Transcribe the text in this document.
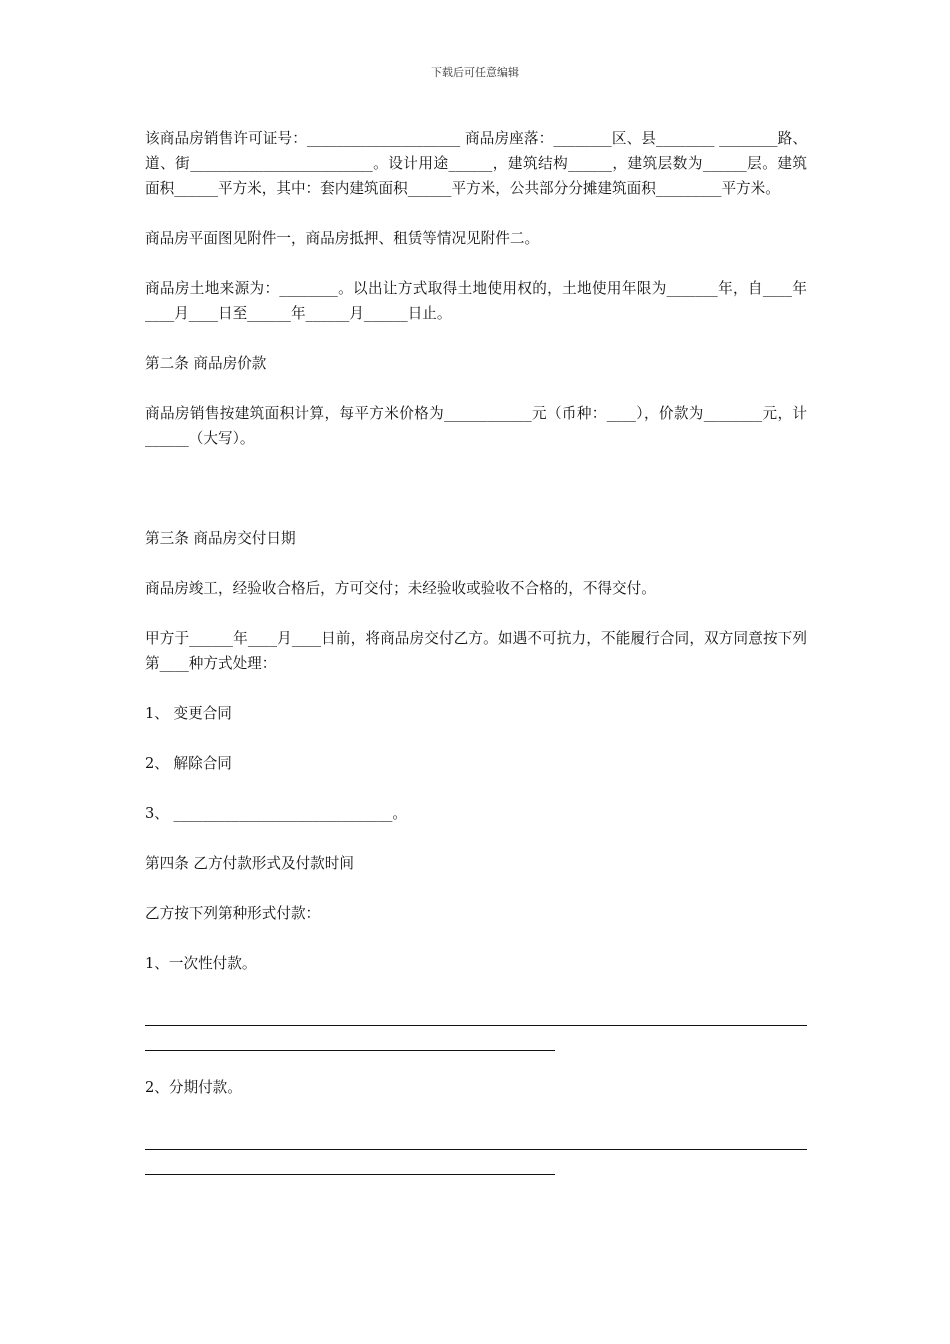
下载后可任意编辑

该商品房销售许可证号：_____________________ 商品房座落：________区、县________ ________路、道、街_________________________。设计用途______，建筑结构______，建筑层数为______层。建筑面积______平方米，其中：套内建筑面积______平方米，公共部分分摊建筑面积_________平方米。

商品房平面图见附件一，商品房抵押、租赁等情况见附件二。

商品房土地来源为：________。以出让方式取得土地使用权的，土地使用年限为_______年，自____年____月____日至______年______月______日止。

第二条 商品房价款

商品房销售按建筑面积计算，每平方米价格为____________元（币种：____），价款为________元，计______（大写）。

第三条 商品房交付日期

商品房竣工，经验收合格后，方可交付；未经验收或验收不合格的，不得交付。

甲方于______年____月____日前，将商品房交付乙方。如遇不可抗力，不能履行合同，双方同意按下列第____种方式处理：

1、 变更合同

2、 解除合同

3、 ______________________________。

第四条 乙方付款形式及付款时间

乙方按下列第种形式付款：

1、一次性付款。

2、分期付款。
